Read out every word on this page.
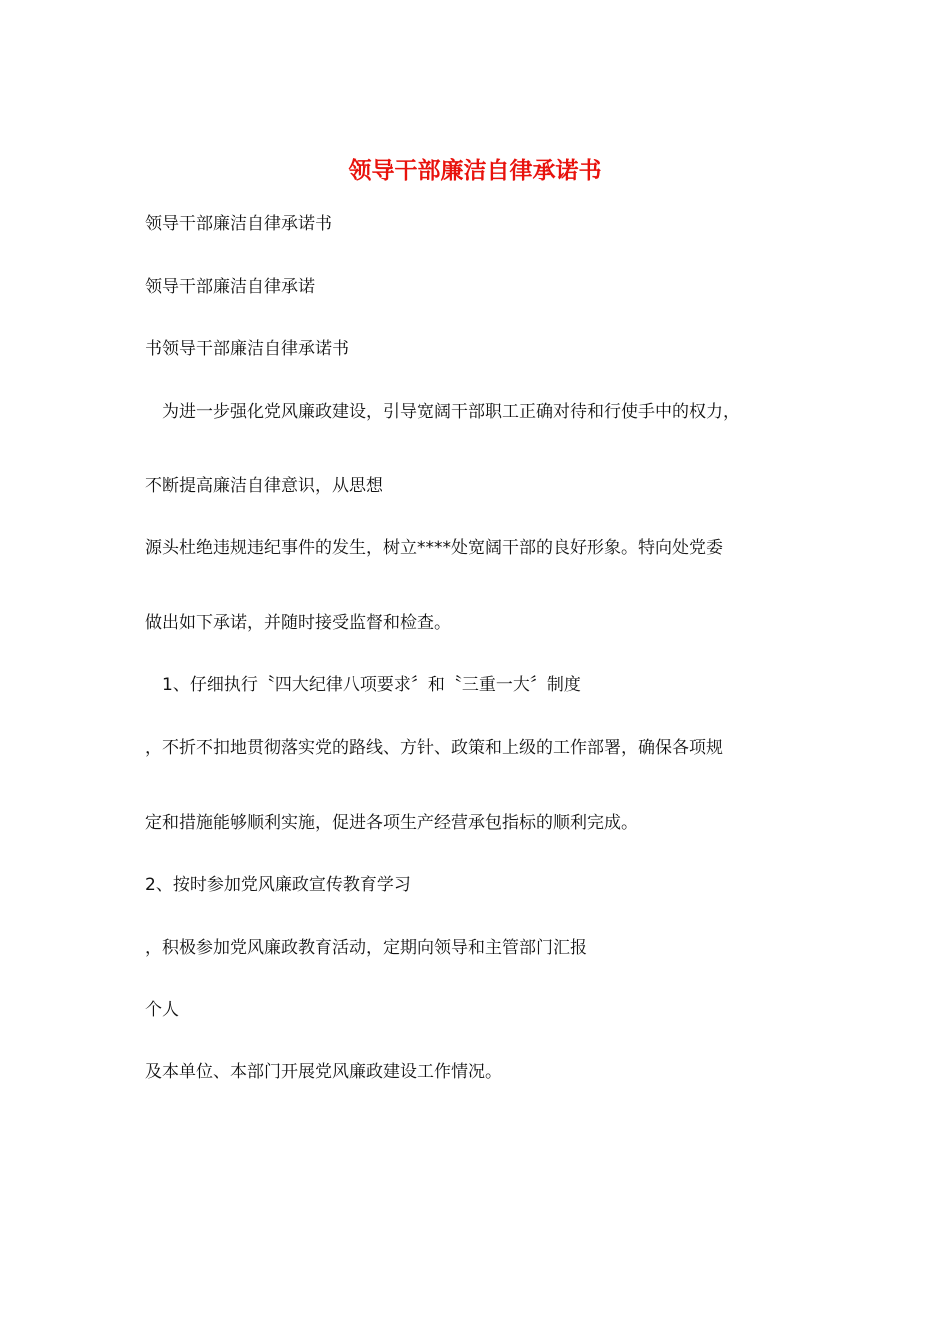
领导干部廉洁自律承诺书
领导干部廉洁自律承诺书
领导干部廉洁自律承诺
书领导干部廉洁自律承诺书
　为进一步强化党风廉政建设，引导宽阔干部职工正确对待和行使手中的权力，
不断提高廉洁自律意识，从思想
源头杜绝违规违纪事件的发生，树立****处宽阔干部的良好形象。特向处党委
做出如下承诺，并随时接受监督和检查。
　1、仔细执行〝四大纪律八项要求〞和〝三重一大〞制度
，不折不扣地贯彻落实党的路线、方针、政策和上级的工作部署，确保各项规
定和措施能够顺利实施，促进各项生产经营承包指标的顺利完成。
2、按时参加党风廉政宣传教育学习
，积极参加党风廉政教育活动，定期向领导和主管部门汇报
个人
及本单位、本部门开展党风廉政建设工作情况。
